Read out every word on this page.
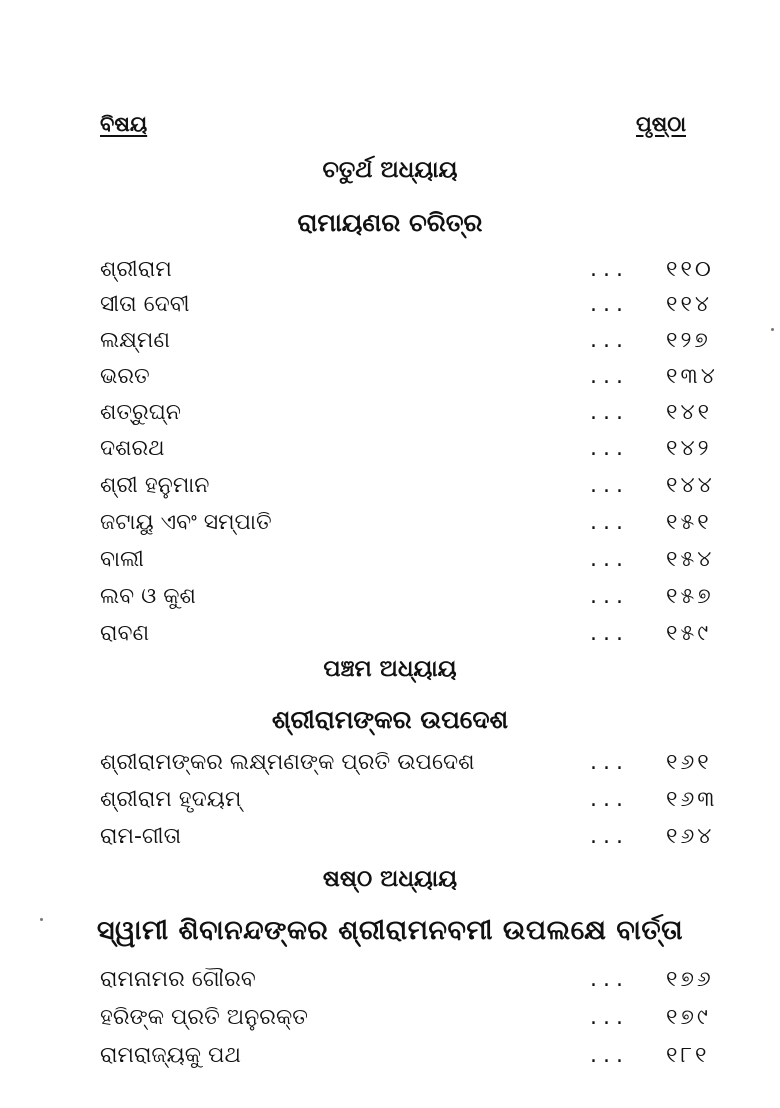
ବିଷୟ	ପୃଷ୍ଠା
ଚତୁର୍ଥ ଅଧ୍ୟାୟ
ରାମାୟଣର ଚରିତ୍ର
ଶ୍ରୀରାମ	... ୧୧୦
ସୀତା ଦେବୀ	... ୧୧୪
ଲକ୍ଷ୍ମଣ	... ୧୨୭
ଭରତ	... ୧୩୪
ଶତ୍ରୁଘ୍ନ	... ୧୪୧
ଦଶରଥ	... ୧୪୨
ଶ୍ରୀ ହନୁମାନ	... ୧୪୪
ଜଟାୟୁ ଏବଂ ସମ୍ପାତି	... ୧୫୧
ବାଲୀ	... ୧୫୪
ଲବ ଓ କୁଶ	... ୧୫୭
ରାବଣ	... ୧୫୯
ପଞ୍ଚମ ଅଧ୍ୟାୟ
ଶ୍ରୀରାମଙ୍କର ଉପଦେଶ
ଶ୍ରୀରାମଙ୍କର ଲକ୍ଷ୍ମଣଙ୍କ ପ୍ରତି ଉପଦେଶ	... ୧୬୧
ଶ୍ରୀରାମ ହୃଦୟମ୍	... ୧୬୩
ରାମ-ଗୀତା	... ୧୬୪
ଷଷ୍ଠ ଅଧ୍ୟାୟ
ସ୍ୱାମୀ ଶିବାନନ୍ଦଙ୍କର ଶ୍ରୀରାମନବମୀ ଉପଲକ୍ଷେ ବାର୍ତ୍ତା
ରାମନାମର ଗୌରବ	... ୧୭୬
ହରିଙ୍କ ପ୍ରତି ଅନୁରକ୍ତ	... ୧୭୯
ରାମରାଜ୍ୟକୁ ପଥ	... ୧୮୧
